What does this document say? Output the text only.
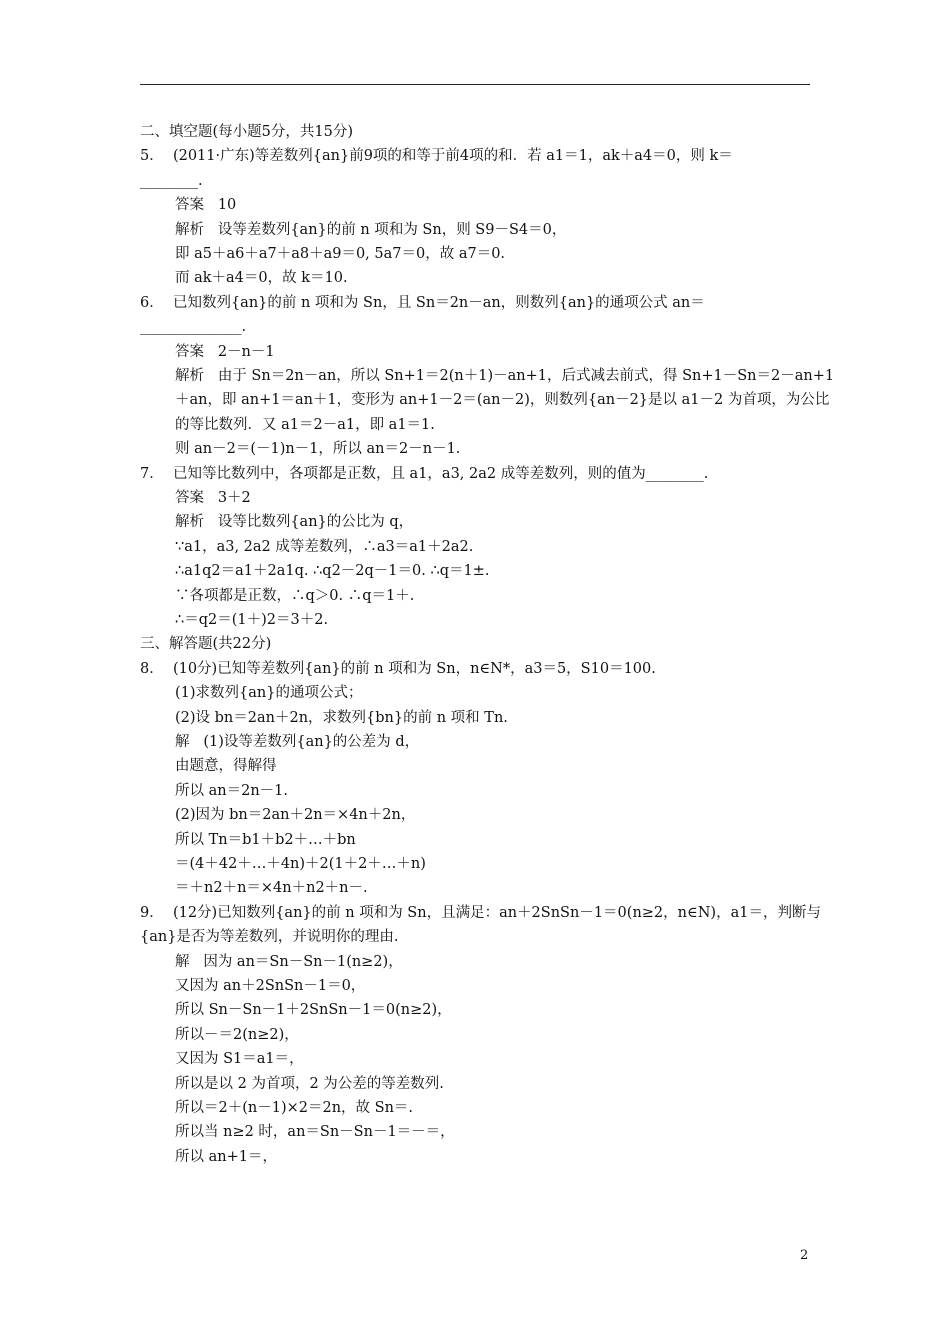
二、填空题(每小题5分，共15分)
5．  (2011·广东)等差数列{an}前9项的和等于前4项的和．若 a1＝1，ak＋a4＝0，则 k＝
________.
答案   10
解析   设等差数列{an}的前 n 项和为 Sn，则 S9－S4＝0，
即 a5＋a6＋a7＋a8＋a9＝0, 5a7＝0，故 a7＝0.
而 ak＋a4＝0，故 k＝10.
6．  已知数列{an}的前 n 项和为 Sn，且 Sn＝2n－an，则数列{an}的通项公式 an＝
______________.
答案   2－n－1
解析   由于 Sn＝2n－an，所以 Sn+1＝2(n＋1)－an+1，后式减去前式，得 Sn+1－Sn＝2－an+1
＋an，即 an+1＝an＋1，变形为 an+1－2＝(an－2)，则数列{an－2}是以 a1－2 为首项，为公比
的等比数列．又 a1＝2－a1，即 a1＝1.
则 an－2＝(－1)n－1，所以 an＝2－n－1.
7．  已知等比数列中，各项都是正数，且 a1，a3, 2a2 成等差数列，则的值为________.
答案   3＋2
解析   设等比数列{an}的公比为 q，
∵a1，a3, 2a2 成等差数列，∴a3＝a1＋2a2.
∴a1q2＝a1＋2a1q. ∴q2－2q－1＝0. ∴q＝1±.
∵各项都是正数，∴q＞0. ∴q＝1＋.
∴＝q2＝(1＋)2＝3＋2.
三、解答题(共22分)
8．  (10分)已知等差数列{an}的前 n 项和为 Sn，n∈N*，a3＝5，S10＝100.
(1)求数列{an}的通项公式；
(2)设 bn＝2an＋2n，求数列{bn}的前 n 项和 Tn.
解   (1)设等差数列{an}的公差为 d，
由题意，得解得
所以 an＝2n－1.
(2)因为 bn＝2an＋2n＝×4n＋2n，
所以 Tn＝b1＋b2＋…＋bn
＝(4＋42＋…＋4n)＋2(1＋2＋…＋n)
＝＋n2＋n＝×4n＋n2＋n－.
9．  (12分)已知数列{an}的前 n 项和为 Sn，且满足：an＋2SnSn－1＝0(n≥2，n∈N)，a1＝，判断与
{an}是否为等差数列，并说明你的理由.
解   因为 an＝Sn－Sn－1(n≥2)，
又因为 an＋2SnSn－1＝0，
所以 Sn－Sn－1＋2SnSn－1＝0(n≥2)，
所以－＝2(n≥2)，
又因为 S1＝a1＝，
所以是以 2 为首项，2 为公差的等差数列.
所以＝2＋(n－1)×2＝2n，故 Sn＝.
所以当 n≥2 时，an＝Sn－Sn－1＝－＝，
所以 an+1＝，
2
